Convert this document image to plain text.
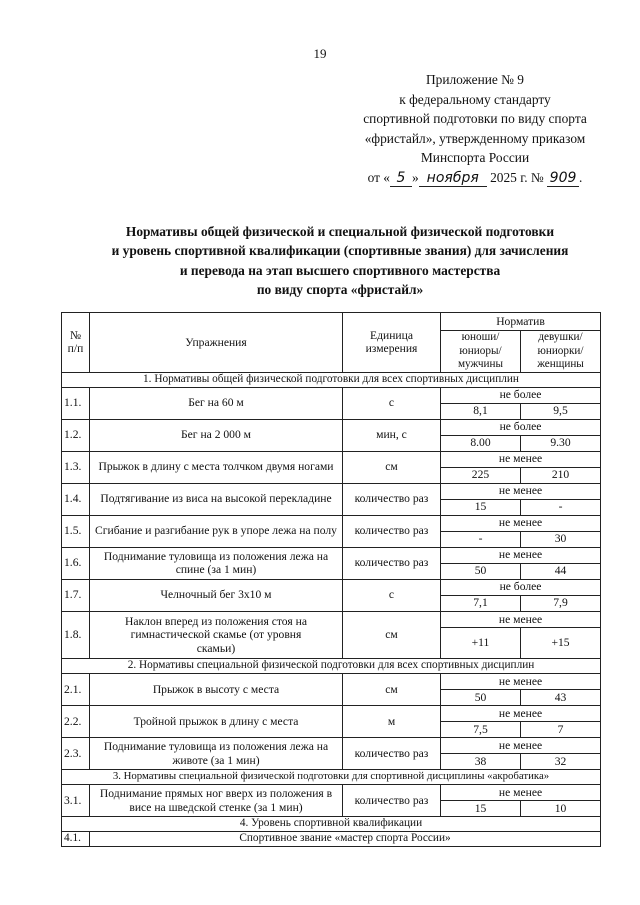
19
Приложение № 9
к федеральному стандарту
спортивной подготовки по виду спорта
«фристайл», утвержденному приказом
Минспорта России
от « 5 » ноября 2025 г. № 909 .
Нормативы общей физической и специальной физической подготовки
и уровень спортивной квалификации (спортивные звания) для зачисления
и перевода на этап высшего спортивного мастерства
по виду спорта «фристайл»
№ п/п	Упражнения	Единица измерения	Норматив	
			юноши/ юниоры/ мужчины	девушки/ юниорки/ женщины
1. Нормативы общей физической подготовки для всех спортивных дисциплин				
1.1.	Бег на 60 м	с	не более	
			8,1	9,5
1.2.	Бег на 2 000 м	мин, с	не более	
			8.00	9.30
1.3.	Прыжок в длину с места толчком двумя ногами	см	не менее	
			225	210
1.4.	Подтягивание из виса на высокой перекладине	количество раз	не менее	
			15	-
1.5.	Сгибание и разгибание рук в упоре лежа на полу	количество раз	не менее	
			-	30
1.6.	Поднимание туловища из положения лежа на спине (за 1 мин)	количество раз	не менее	
			50	44
1.7.	Челночный бег 3х10 м	с	не более	
			7,1	7,9
1.8.	Наклон вперед из положения стоя на гимнастической скамье (от уровня скамьи)	см	не менее	
			+11	+15
2. Нормативы специальной физической подготовки для всех спортивных дисциплин				
2.1.	Прыжок в высоту с места	см	не менее	
			50	43
2.2.	Тройной прыжок в длину с места	м	не менее	
			7,5	7
2.3.	Поднимание туловища из положения лежа на животе (за 1 мин)	количество раз	не менее	
			38	32
3. Нормативы специальной физической подготовки для спортивной дисциплины «акробатика»				
3.1.	Поднимание прямых ног вверх из положения в висе на шведской стенке (за 1 мин)	количество раз	не менее	
			15	10
4. Уровень спортивной квалификации				
4.1.	Спортивное звание «мастер спорта России»			
